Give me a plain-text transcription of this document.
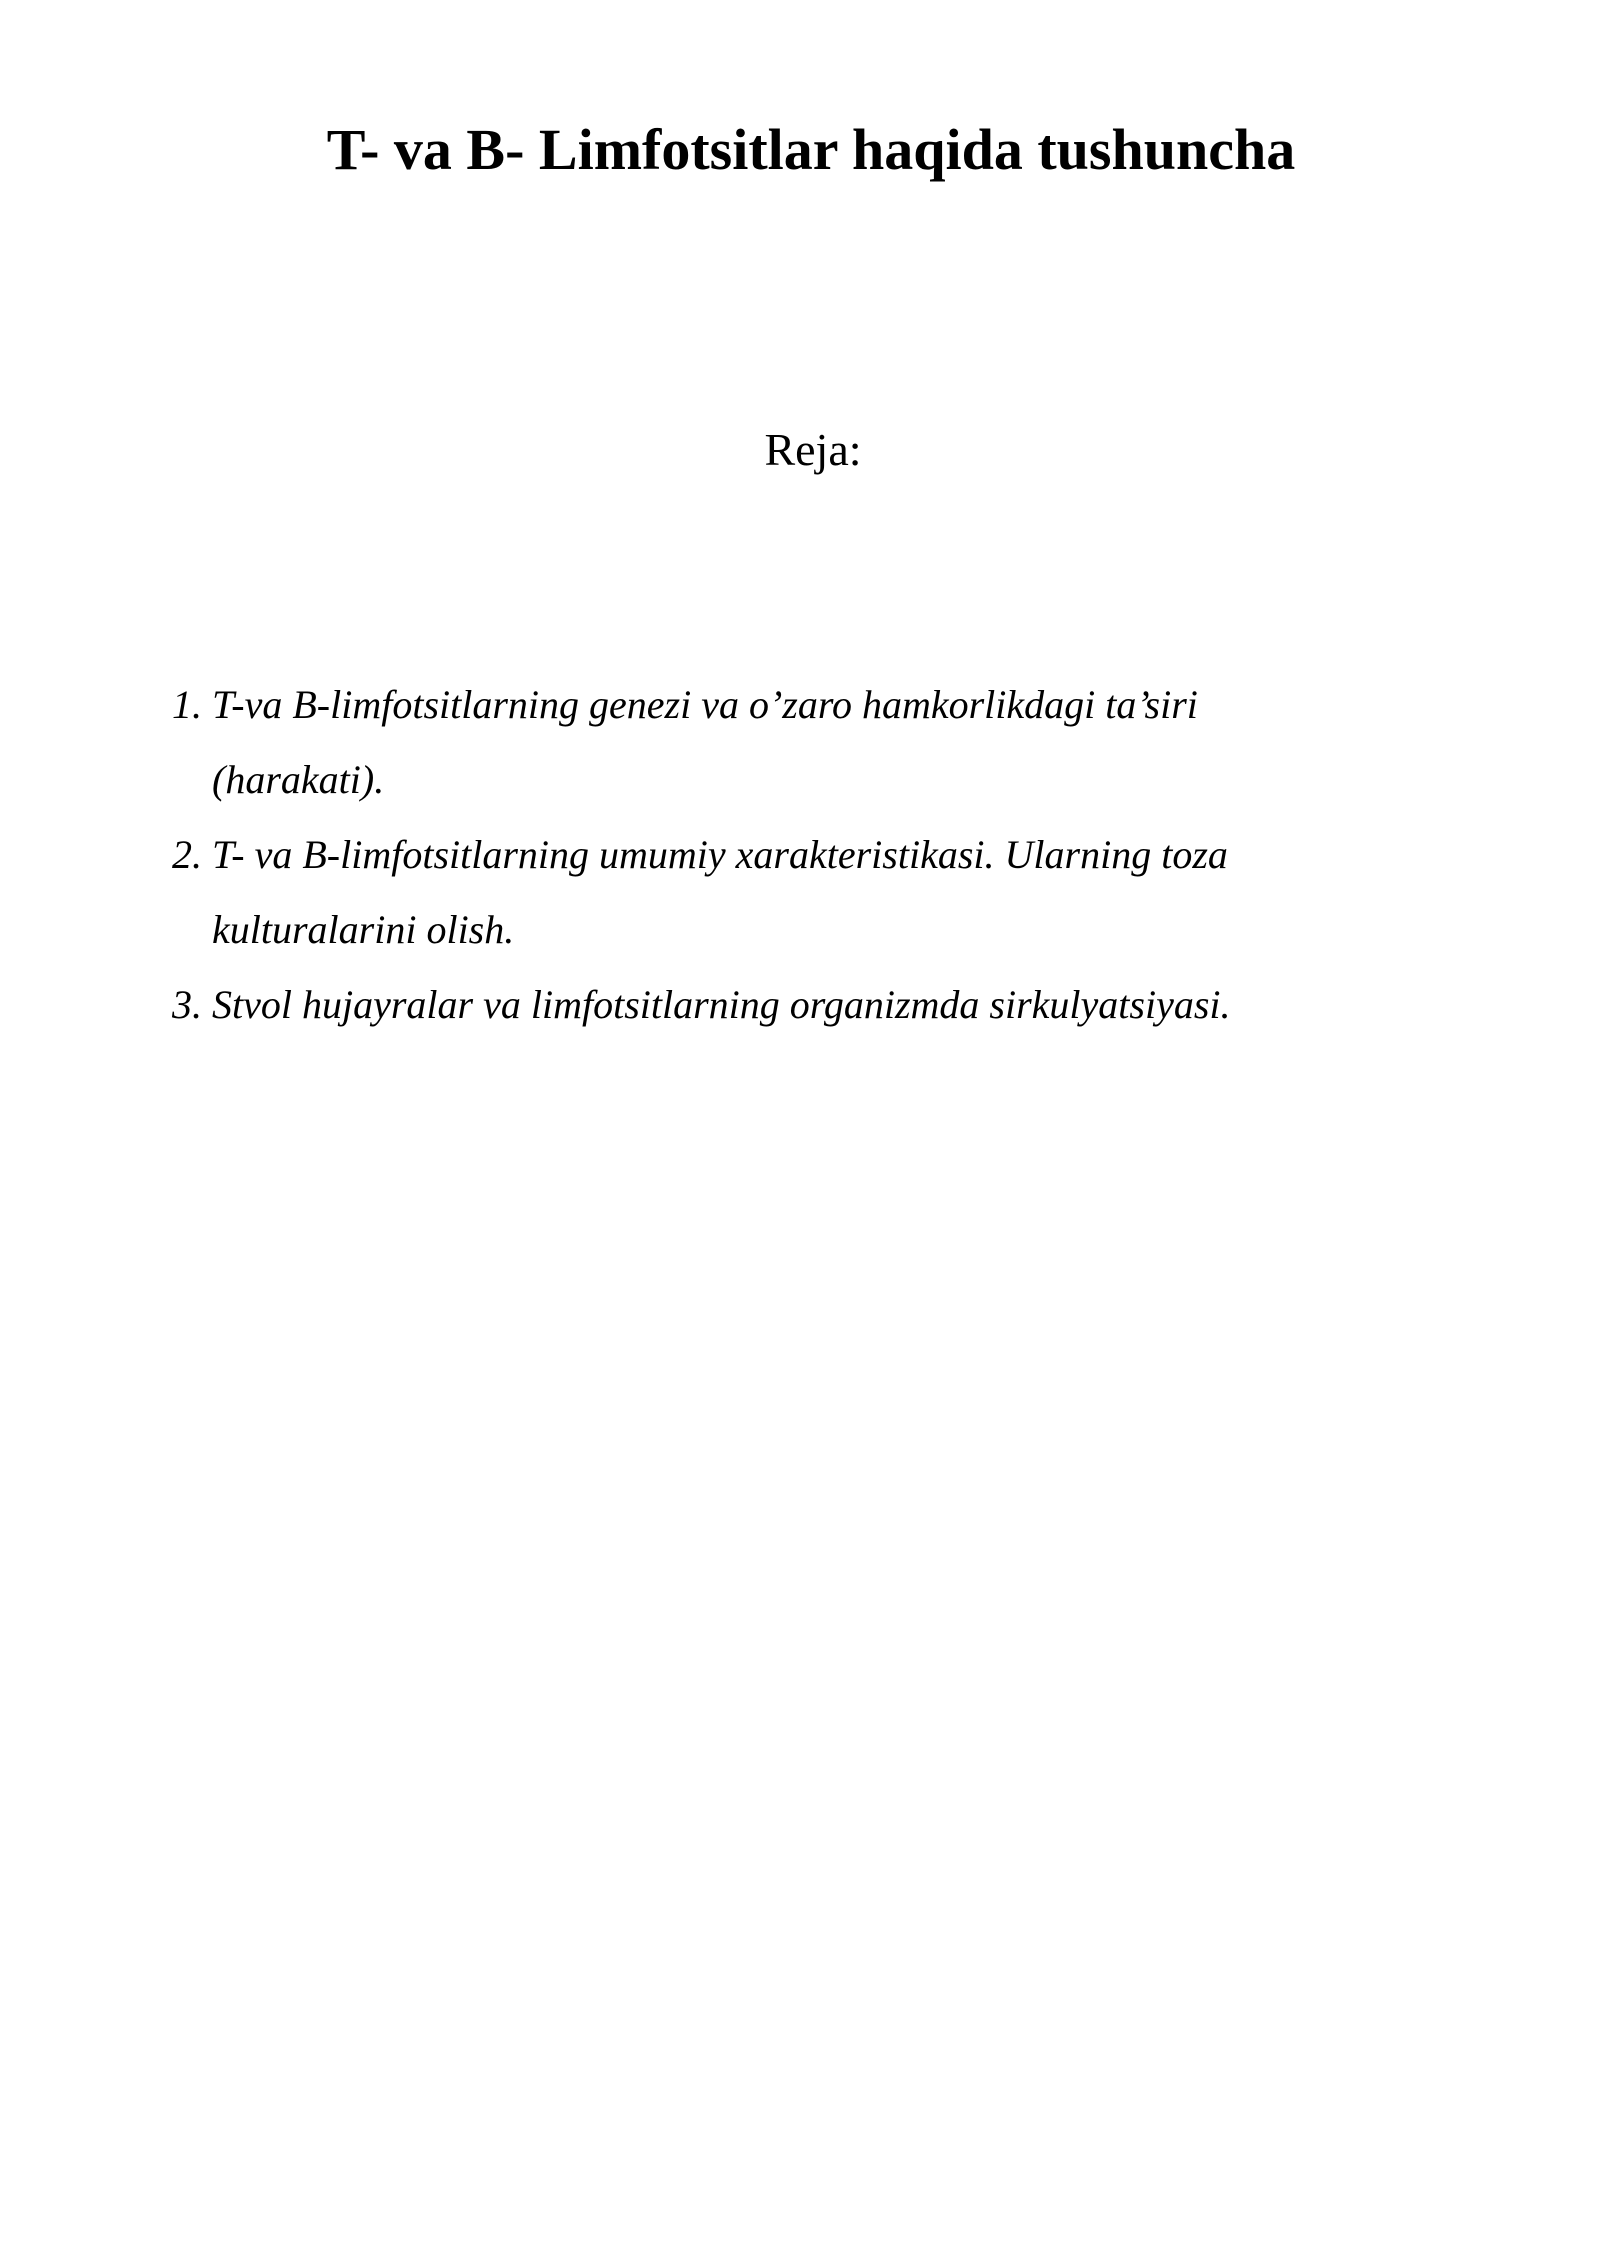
T- va B- Limfotsitlar haqida tushuncha
Reja:
1. T-va B-limfotsitlarning genezi va o’zaro hamkorlikdagi ta’siri (harakati).
2. T- va B-limfotsitlarning umumiy xarakteristikasi. Ularning toza kulturalarini olish.
3. Stvol hujayralar va limfotsitlarning organizmda sirkulyatsiyasi.
